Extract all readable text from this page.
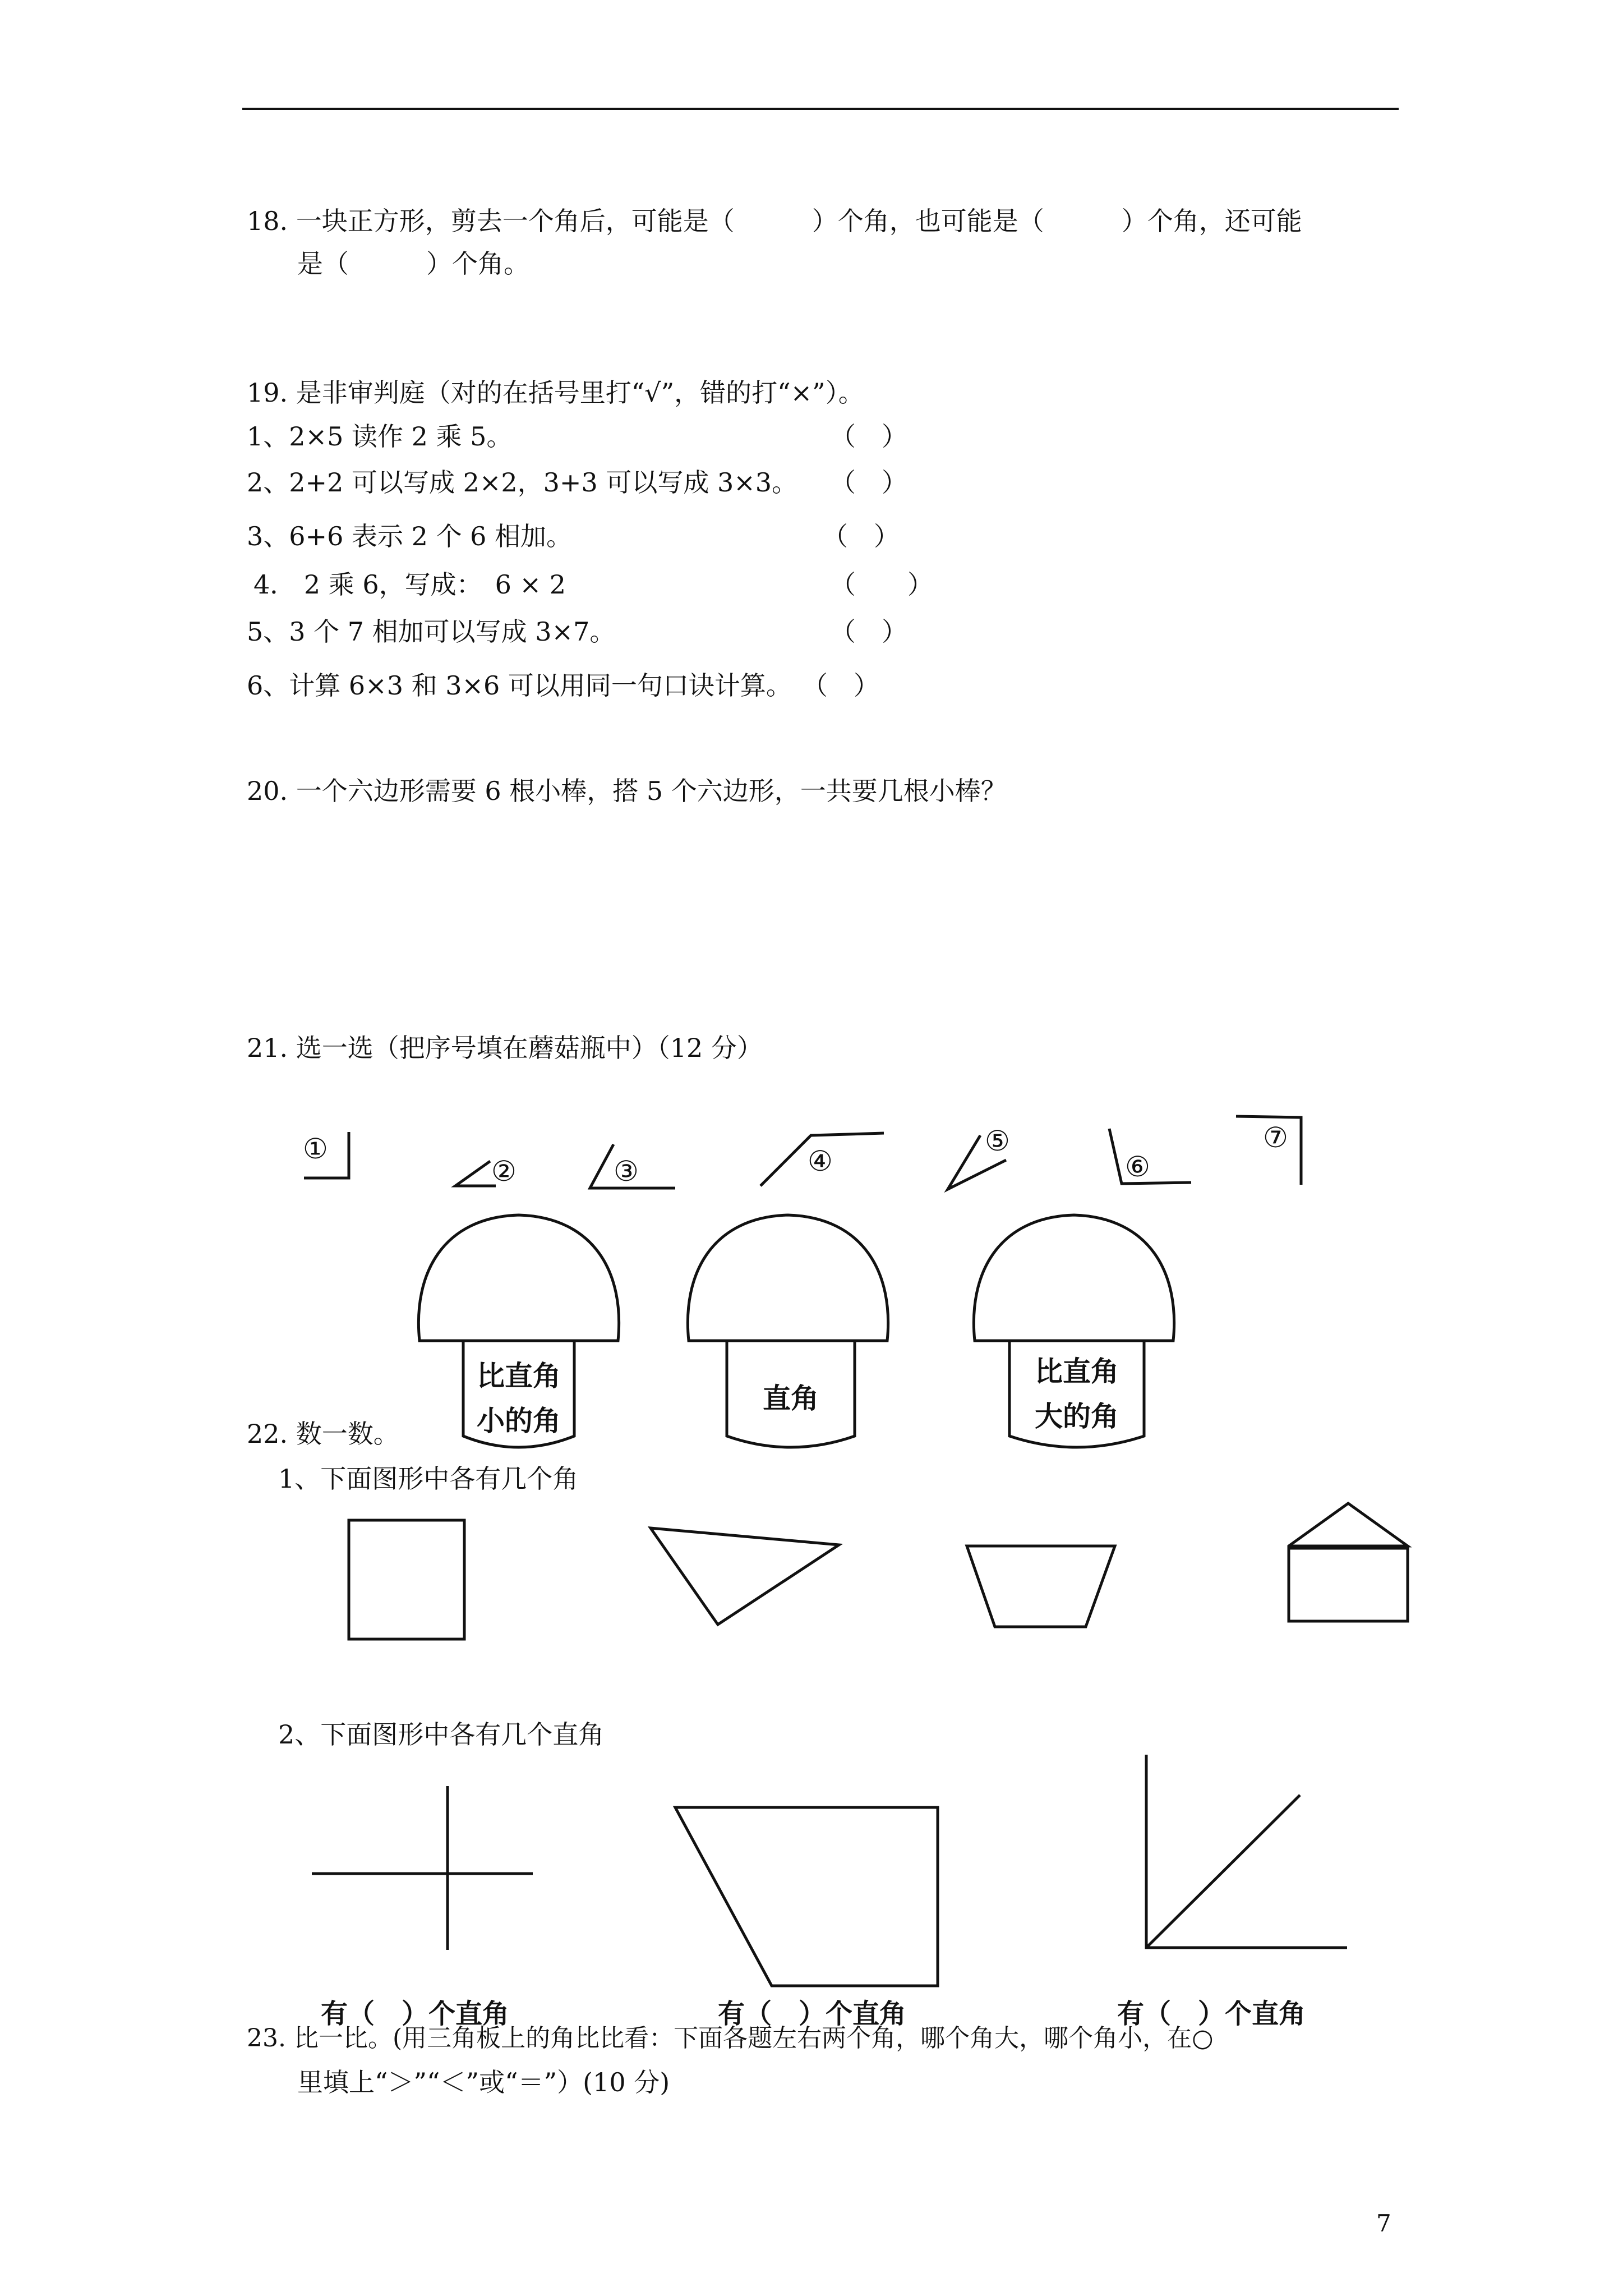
18. 一块正方形，剪去一个角后，可能是（　　　）个角，也可能是（　　　）个角，还可能
是（　　　）个角。
19. 是非审判庭（对的在括号里打“√”，错的打“×”）。
1、2×5 读作 2 乘 5。	（　）
2、2+2 可以写成 2×2，3+3 可以写成 3×3。 （　）
3、6+6 表示 2 个 6 相加。	（　）
4． 2 乘 6，写成：　6 × 2	（　　）
5、3 个 7 相加可以写成 3×7。	（　）
6、计算 6×3 和 3×6 可以用同一句口诀计算。 （　）
20. 一个六边形需要 6 根小棒，搭 5 个六边形，一共要几根小棒？
21. 选一选（把序号填在蘑菇瓶中）（12 分）
①
②	③	④
⑤
⑥
⑦
比直角
小的角
直角
比直角
大的角
22. 数一数。
1、下面图形中各有几个角
2、下面图形中各有几个直角
有（　）个直角	有（　）个直角	有（　）个直角
23. 比一比。(用三角板上的角比比看：下面各题左右两个角，哪个角大，哪个角小，在○
里填上“＞”“＜”或“＝”）(10 分)
7
